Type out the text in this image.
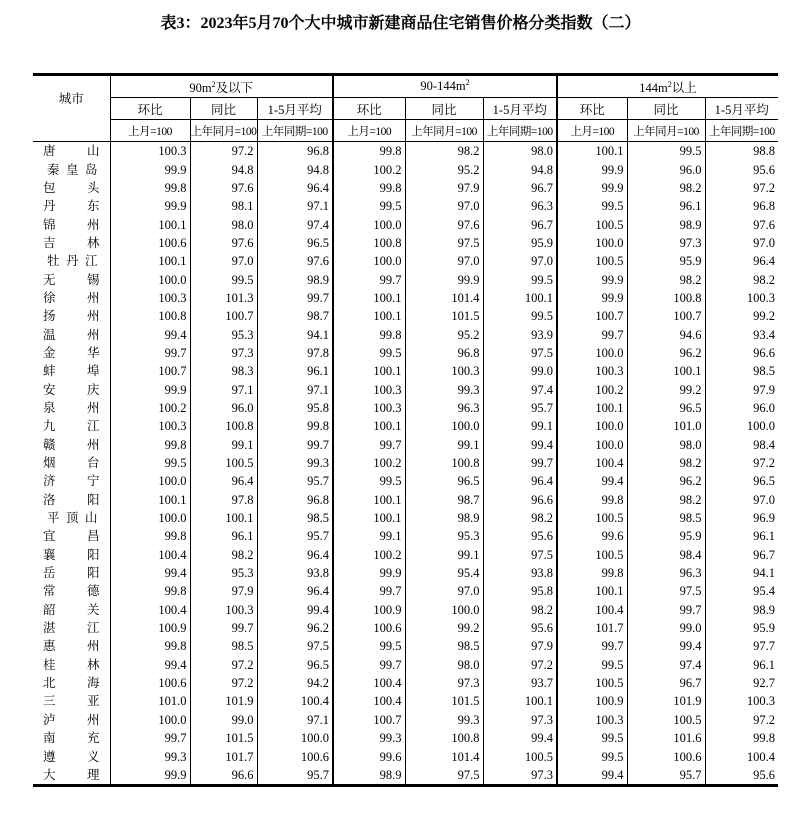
表3：2023年5月70个大中城市新建商品住宅销售价格分类指数（二）
城市	$90m^2$及以下			$90-144m^2$			$144m^2$以上		
	环比	同比	1-5月平均	环比	同比	1-5月平均	环比	同比	1-5月平均
	上月=100	上年同月=100	上年同期=100	上月=100	上年同月=100	上年同期=100	上月=100	上年同月=100	上年同期=100
唐山	100.3	97.2	96.8	99.8	98.2	98.0	100.1	99.5	98.8
秦皇岛	99.9	94.8	94.8	100.2	95.2	94.8	99.9	96.0	95.6
包头	99.8	97.6	96.4	99.8	97.9	96.7	99.9	98.2	97.2
丹东	99.9	98.1	97.1	99.5	97.0	96.3	99.5	96.1	96.8
锦州	100.1	98.0	97.4	100.0	97.6	96.7	100.5	98.9	97.6
吉林	100.6	97.6	96.5	100.8	97.5	95.9	100.0	97.3	97.0
牡丹江	100.1	97.0	97.6	100.0	97.0	97.0	100.5	95.9	96.4
无锡	100.0	99.5	98.9	99.7	99.9	99.5	99.9	98.2	98.2
徐州	100.3	101.3	99.7	100.1	101.4	100.1	99.9	100.8	100.3
扬州	100.8	100.7	98.7	100.1	101.5	99.5	100.7	100.7	99.2
温州	99.4	95.3	94.1	99.8	95.2	93.9	99.7	94.6	93.4
金华	99.7	97.3	97.8	99.5	96.8	97.5	100.0	96.2	96.6
蚌埠	100.7	98.3	96.1	100.1	100.3	99.0	100.3	100.1	98.5
安庆	99.9	97.1	97.1	100.3	99.3	97.4	100.2	99.2	97.9
泉州	100.2	96.0	95.8	100.3	96.3	95.7	100.1	96.5	96.0
九江	100.3	100.8	99.8	100.1	100.0	99.1	100.0	101.0	100.0
赣州	99.8	99.1	99.7	99.7	99.1	99.4	100.0	98.0	98.4
烟台	99.5	100.5	99.3	100.2	100.8	99.7	100.4	98.2	97.2
济宁	100.0	96.4	95.7	99.5	96.5	96.4	99.4	96.2	96.5
洛阳	100.1	97.8	96.8	100.1	98.7	96.6	99.8	98.2	97.0
平顶山	100.0	100.1	98.5	100.1	98.9	98.2	100.5	98.5	96.9
宜昌	99.8	96.1	95.7	99.1	95.3	95.6	99.6	95.9	96.1
襄阳	100.4	98.2	96.4	100.2	99.1	97.5	100.5	98.4	96.7
岳阳	99.4	95.3	93.8	99.9	95.4	93.8	99.8	96.3	94.1
常德	99.8	97.9	96.4	99.7	97.0	95.8	100.1	97.5	95.4
韶关	100.4	100.3	99.4	100.9	100.0	98.2	100.4	99.7	98.9
湛江	100.9	99.7	96.2	100.6	99.2	95.6	101.7	99.0	95.9
惠州	99.8	98.5	97.5	99.5	98.5	97.9	99.7	99.4	97.7
桂林	99.4	97.2	96.5	99.7	98.0	97.2	99.5	97.4	96.1
北海	100.6	97.2	94.2	100.4	97.3	93.7	100.5	96.7	92.7
三亚	101.0	101.9	100.4	100.4	101.5	100.1	100.9	101.9	100.3
泸州	100.0	99.0	97.1	100.7	99.3	97.3	100.3	100.5	97.2
南充	99.7	101.5	100.0	99.3	100.8	99.4	99.5	101.6	99.8
遵义	99.3	101.7	100.6	99.6	101.4	100.5	99.5	100.6	100.4
大理	99.9	96.6	95.7	98.9	97.5	97.3	99.4	95.7	95.6
